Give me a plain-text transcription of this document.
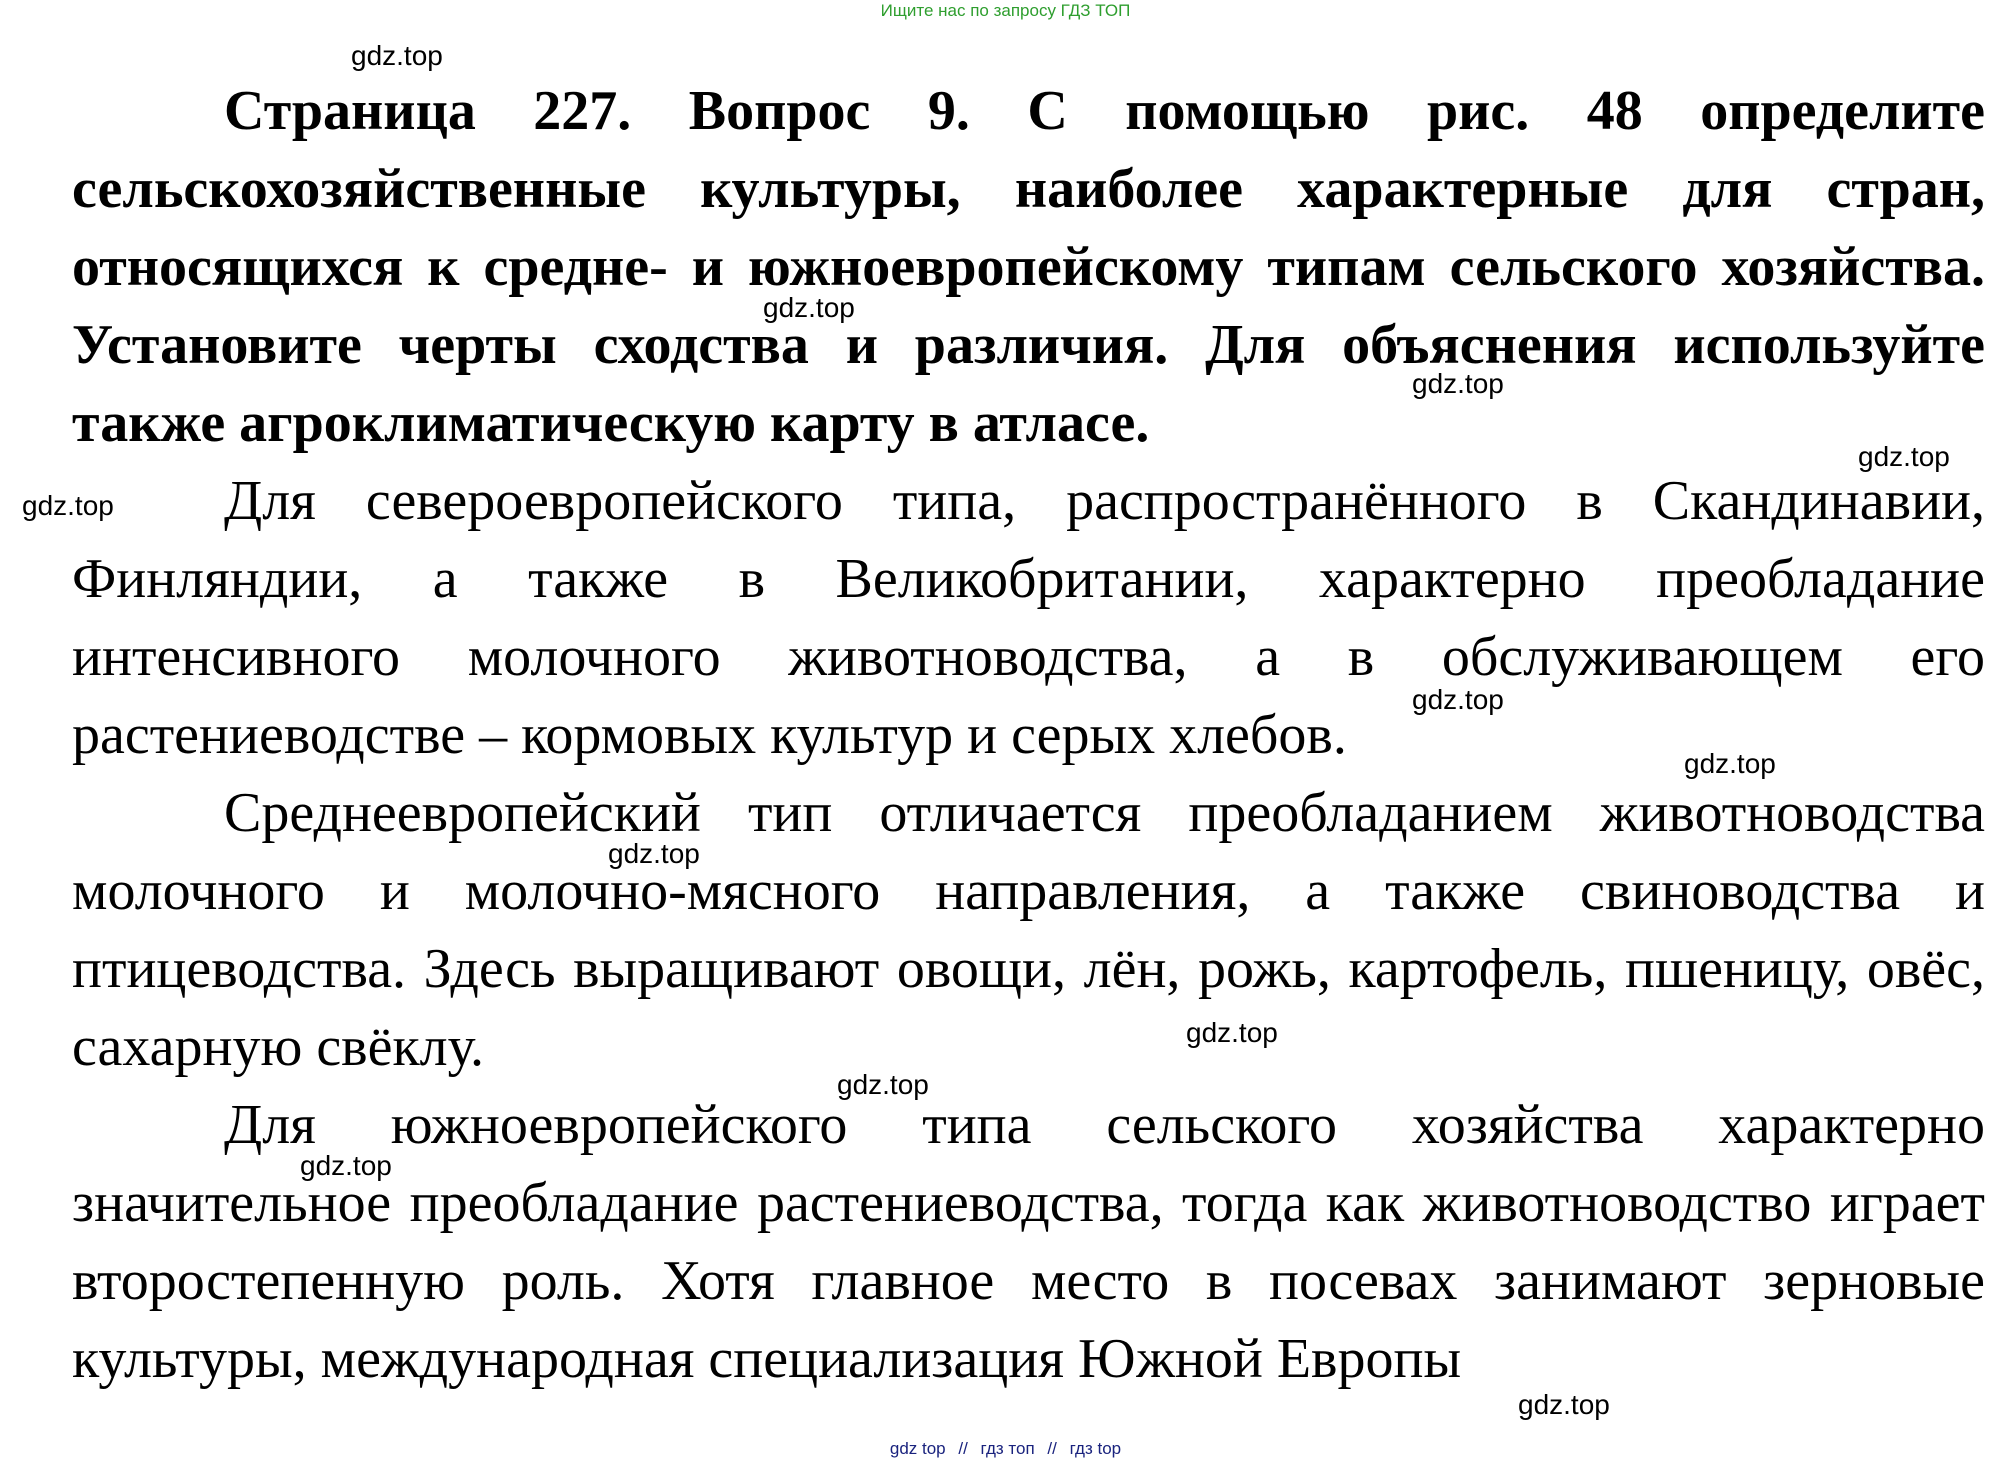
Ищите нас по запросу ГДЗ ТОП

Страница 227. Вопрос 9. С помощью рис. 48 определите сельскохозяйственные культуры, наиболее характерные для стран, относящихся к средне- и южноевропейскому типам сельского хозяйства. Установите черты сходства и различия. Для объяснения используйте также агроклиматическую карту в атласе.

Для североевропейского типа, распространённого в Скандинавии, Финляндии, а также в Великобритании, характерно преобладание интенсивного молочного животноводства, а в обслуживающем его растениеводстве – кормовых культур и серых хлебов.

Среднеевропейский тип отличается преобладанием животноводства молочного и молочно-мясного направления, а также свиноводства и птицеводства. Здесь выращивают овощи, лён, рожь, картофель, пшеницу, овёс, сахарную свёклу.

Для южноевропейского типа сельского хозяйства характерно значительное преобладание растениеводства, тогда как животноводство играет второстепенную роль. Хотя главное место в посевах занимают зерновые культуры, международная специализация Южной Европы

gdz.top
gdz.top
gdz.top
gdz.top
gdz.top
gdz.top
gdz.top
gdz.top
gdz.top
gdz.top
gdz.top
gdz.top
gdz top // гдз топ // гдз top
